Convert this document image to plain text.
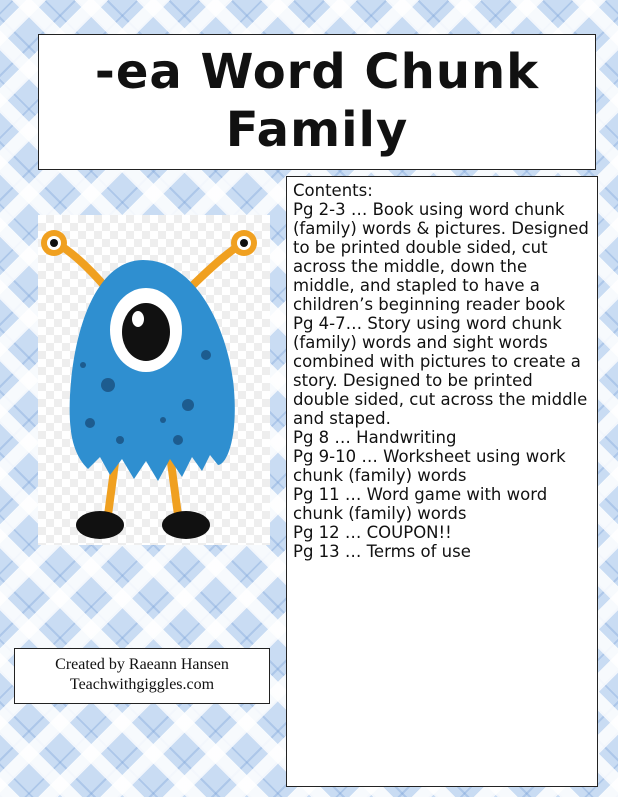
-ea Word Chunk
Family
Contents:

Pg 2-3 … Book using word chunk (family) words & pictures. Designed to be printed double sided, cut across the middle, down the middle, and stapled to have a children’s beginning reader book

Pg 4-7… Story using word chunk (family) words and sight words combined with pictures to create a story. Designed to be printed double sided, cut across the middle and staped.

Pg 8 … Handwriting

Pg 9-10 … Worksheet using work chunk (family) words

Pg 11 … Word game with word chunk (family) words

Pg 12 … COUPON!!

Pg 13 … Terms of use

Created by Raeann Hansen
Teachwithgiggles.com
